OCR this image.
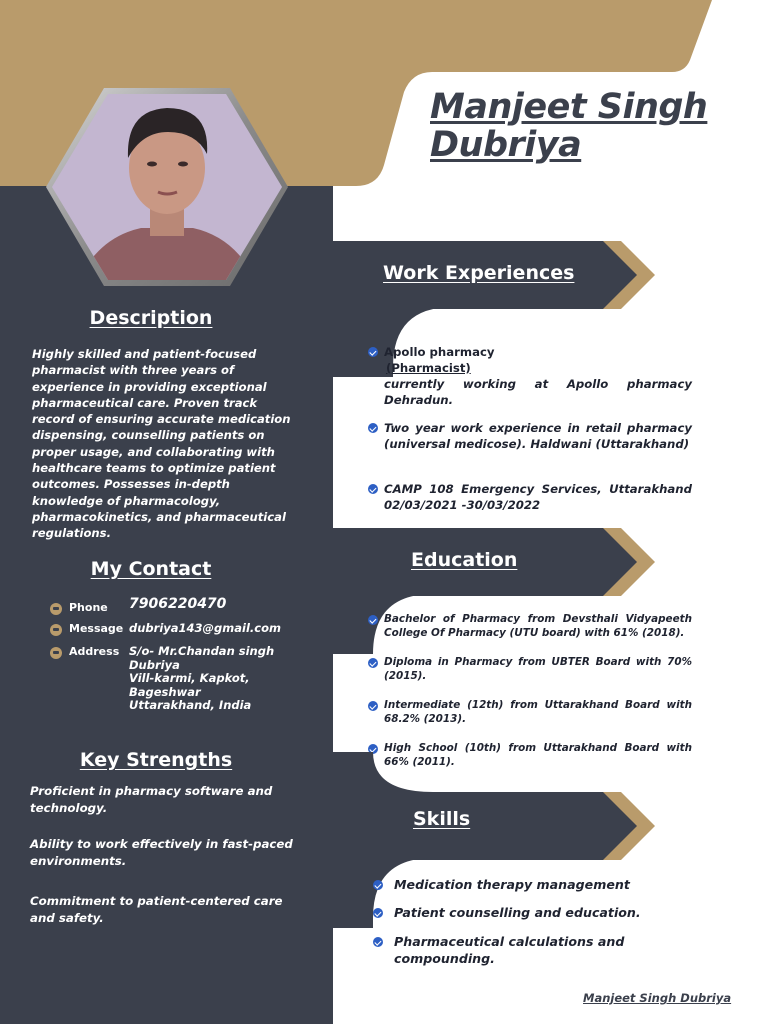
Manjeet Singh
Dubriya
Description
Highly skilled and patient-focused pharmacist with three years of experience in providing exceptional pharmaceutical care. Proven track record of ensuring accurate medication dispensing, counselling patients on proper usage, and collaborating with healthcare teams to optimize patient outcomes. Possesses in-depth knowledge of pharmacology, pharmacokinetics, and pharmaceutical regulations.
My Contact
Phone	7906220470
Message dubriya143@gmail.com
Address S/o- Mr.Chandan singh
Dubriya
Vill-karmi, Kapkot,
Bageshwar
Uttarakhand, India
Key Strengths
Proficient in pharmacy software and technology.
Ability to work effectively in fast-paced environments.
Commitment to patient-centered care and safety.
Work Experiences
Apollo pharmacy
(Pharmacist)
currently working at Apollo pharmacy Dehradun.
Two year work experience in retail pharmacy (universal medicose). Haldwani (Uttarakhand)
CAMP 108 Emergency Services, Uttarakhand 02/03/2021 -30/03/2022
Education
Bachelor of Pharmacy from Devsthali Vidyapeeth College Of Pharmacy (UTU board) with 61% (2018).
Diploma in Pharmacy from UBTER Board with 70% (2015).
Intermediate (12th) from Uttarakhand Board with 68.2% (2013).
High School (10th) from Uttarakhand Board with 66% (2011).
Skills
Medication therapy management
Patient counselling and education.
Pharmaceutical calculations and compounding.
Manjeet Singh Dubriya
